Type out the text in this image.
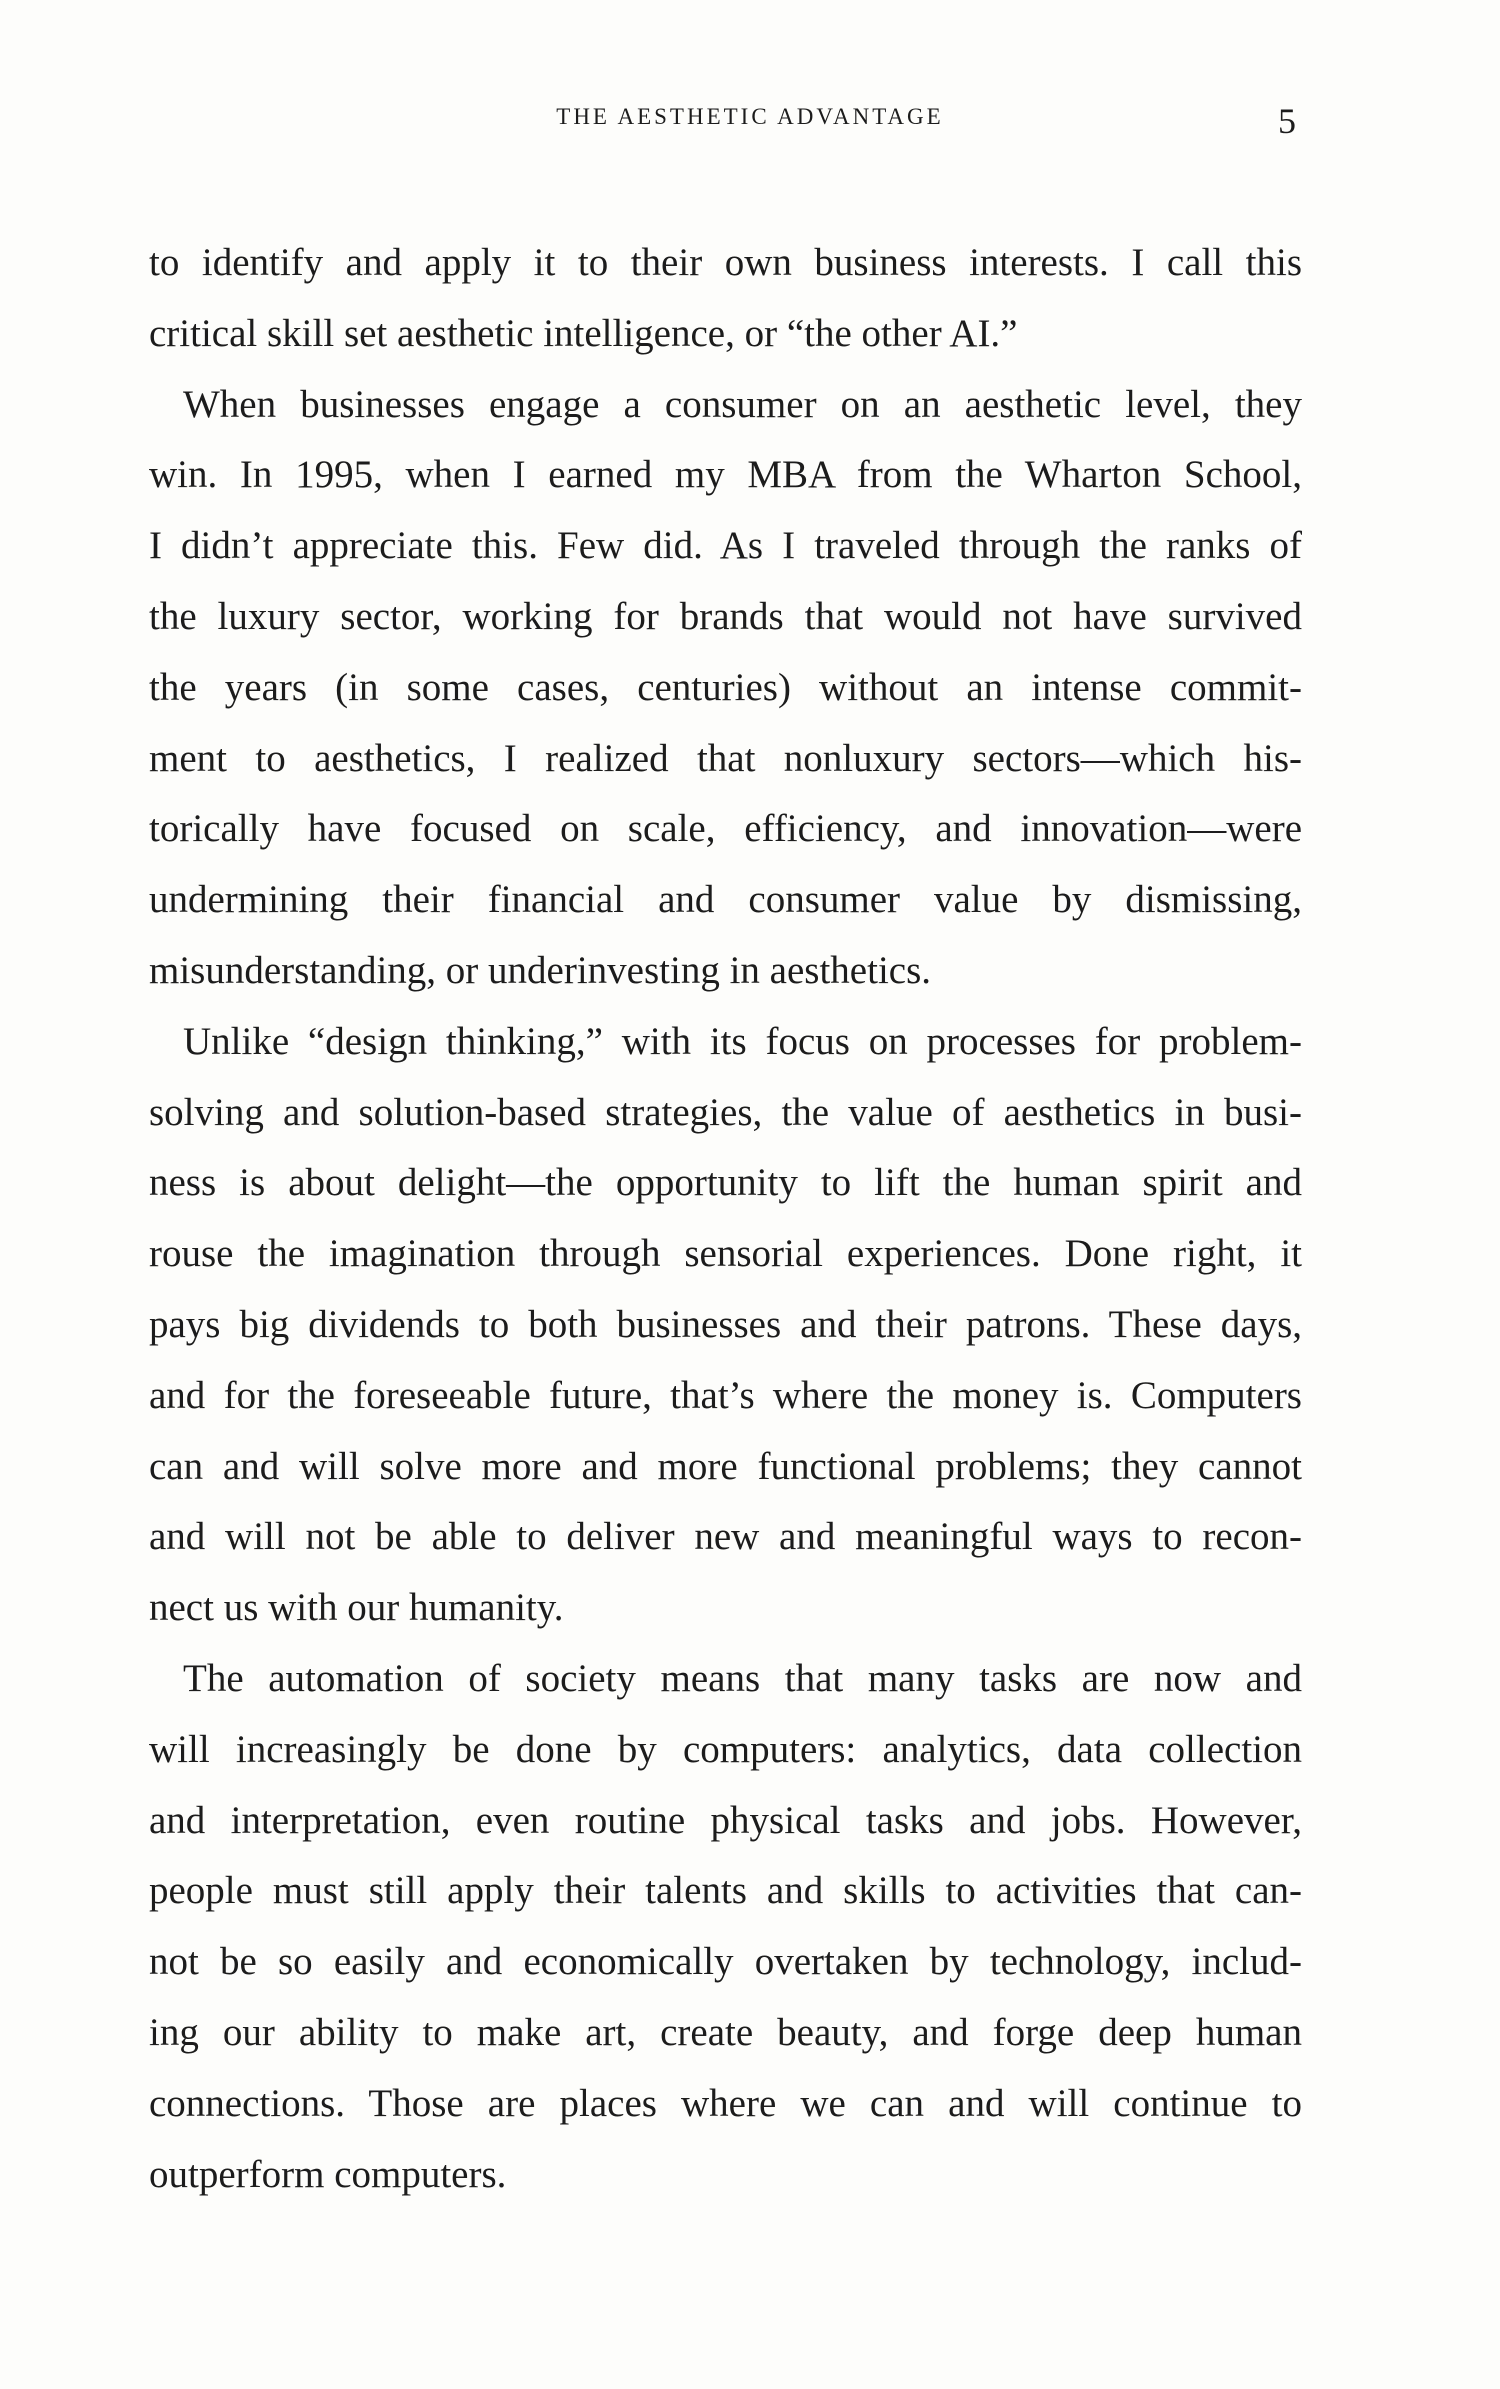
THE AESTHETIC ADVANTAGE	5
to identify and apply it to their own business interests. I call this
critical skill set aesthetic intelligence, or “the other AI.”
When businesses engage a consumer on an aesthetic level, they
win. In 1995, when I earned my MBA from the Wharton School,
I didn’t appreciate this. Few did. As I traveled through the ranks of
the luxury sector, working for brands that would not have survived
the years (in some cases, centuries) without an intense commit-
ment to aesthetics, I realized that nonluxury sectors—which his-
torically have focused on scale, efficiency, and innovation—were
undermining their financial and consumer value by dismissing,
misunderstanding, or underinvesting in aesthetics.
Unlike “design thinking,” with its focus on processes for problem-
solving and solution-based strategies, the value of aesthetics in busi-
ness is about delight—the opportunity to lift the human spirit and
rouse the imagination through sensorial experiences. Done right, it
pays big dividends to both businesses and their patrons. These days,
and for the foreseeable future, that’s where the money is. Computers
can and will solve more and more functional problems; they cannot
and will not be able to deliver new and meaningful ways to recon-
nect us with our humanity.
The automation of society means that many tasks are now and
will increasingly be done by computers: analytics, data collection
and interpretation, even routine physical tasks and jobs. However,
people must still apply their talents and skills to activities that can-
not be so easily and economically overtaken by technology, includ-
ing our ability to make art, create beauty, and forge deep human
connections. Those are places where we can and will continue to
outperform computers.
